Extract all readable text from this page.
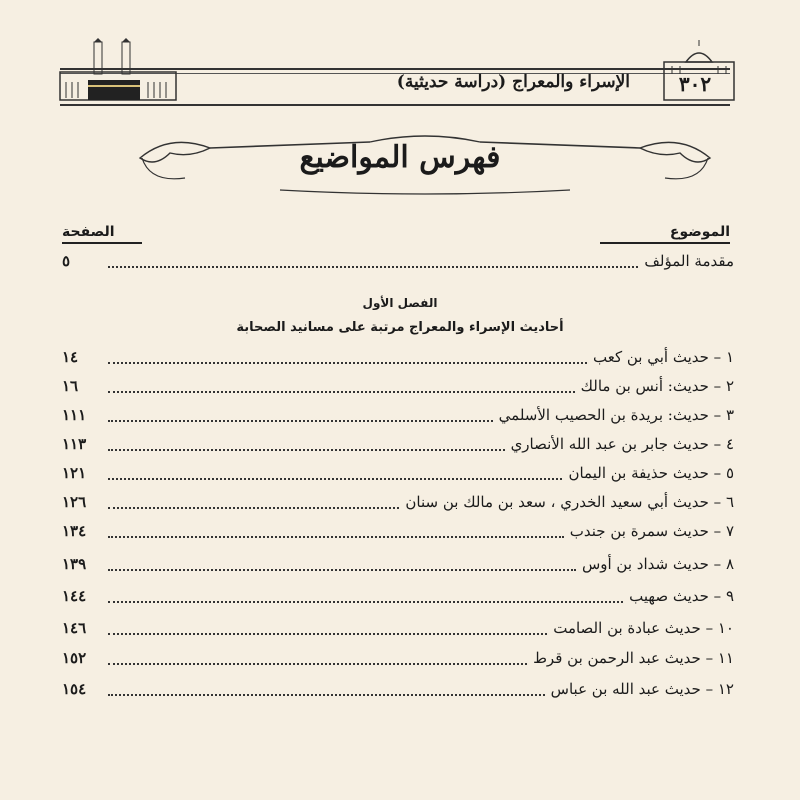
الإسراء والمعراج (دراسة حديثية)	٣٠٢
فهرس المواضيع
الموضوع
الصفحة
مقدمة المؤلف
٥
الفصل الأول
أحاديث الإسراء والمعراج مرتبة على مسانيد الصحابة
١ – حديث أبي بن كعب
١٤
٢ – حديث: أنس بن مالك
١٦
٣ – حديث: بريدة بن الحصيب الأسلمي
١١١
٤ – حديث جابر بن عبد الله الأنصاري
١١٣
٥ – حديث حذيفة بن اليمان
١٢١
٦ – حديث أبي سعيد الخدري ، سعد بن مالك بن سنان
١٢٦
٧ – حديث سمرة بن جندب
١٣٤
٨ – حديث شداد بن أوس
١٣٩
٩ – حديث صهيب
١٤٤
١٠ – حديث عبادة بن الصامت
١٤٦
١١ – حديث عبد الرحمن بن قرط
١٥٢
١٢ – حديث عبد الله بن عباس
١٥٤
